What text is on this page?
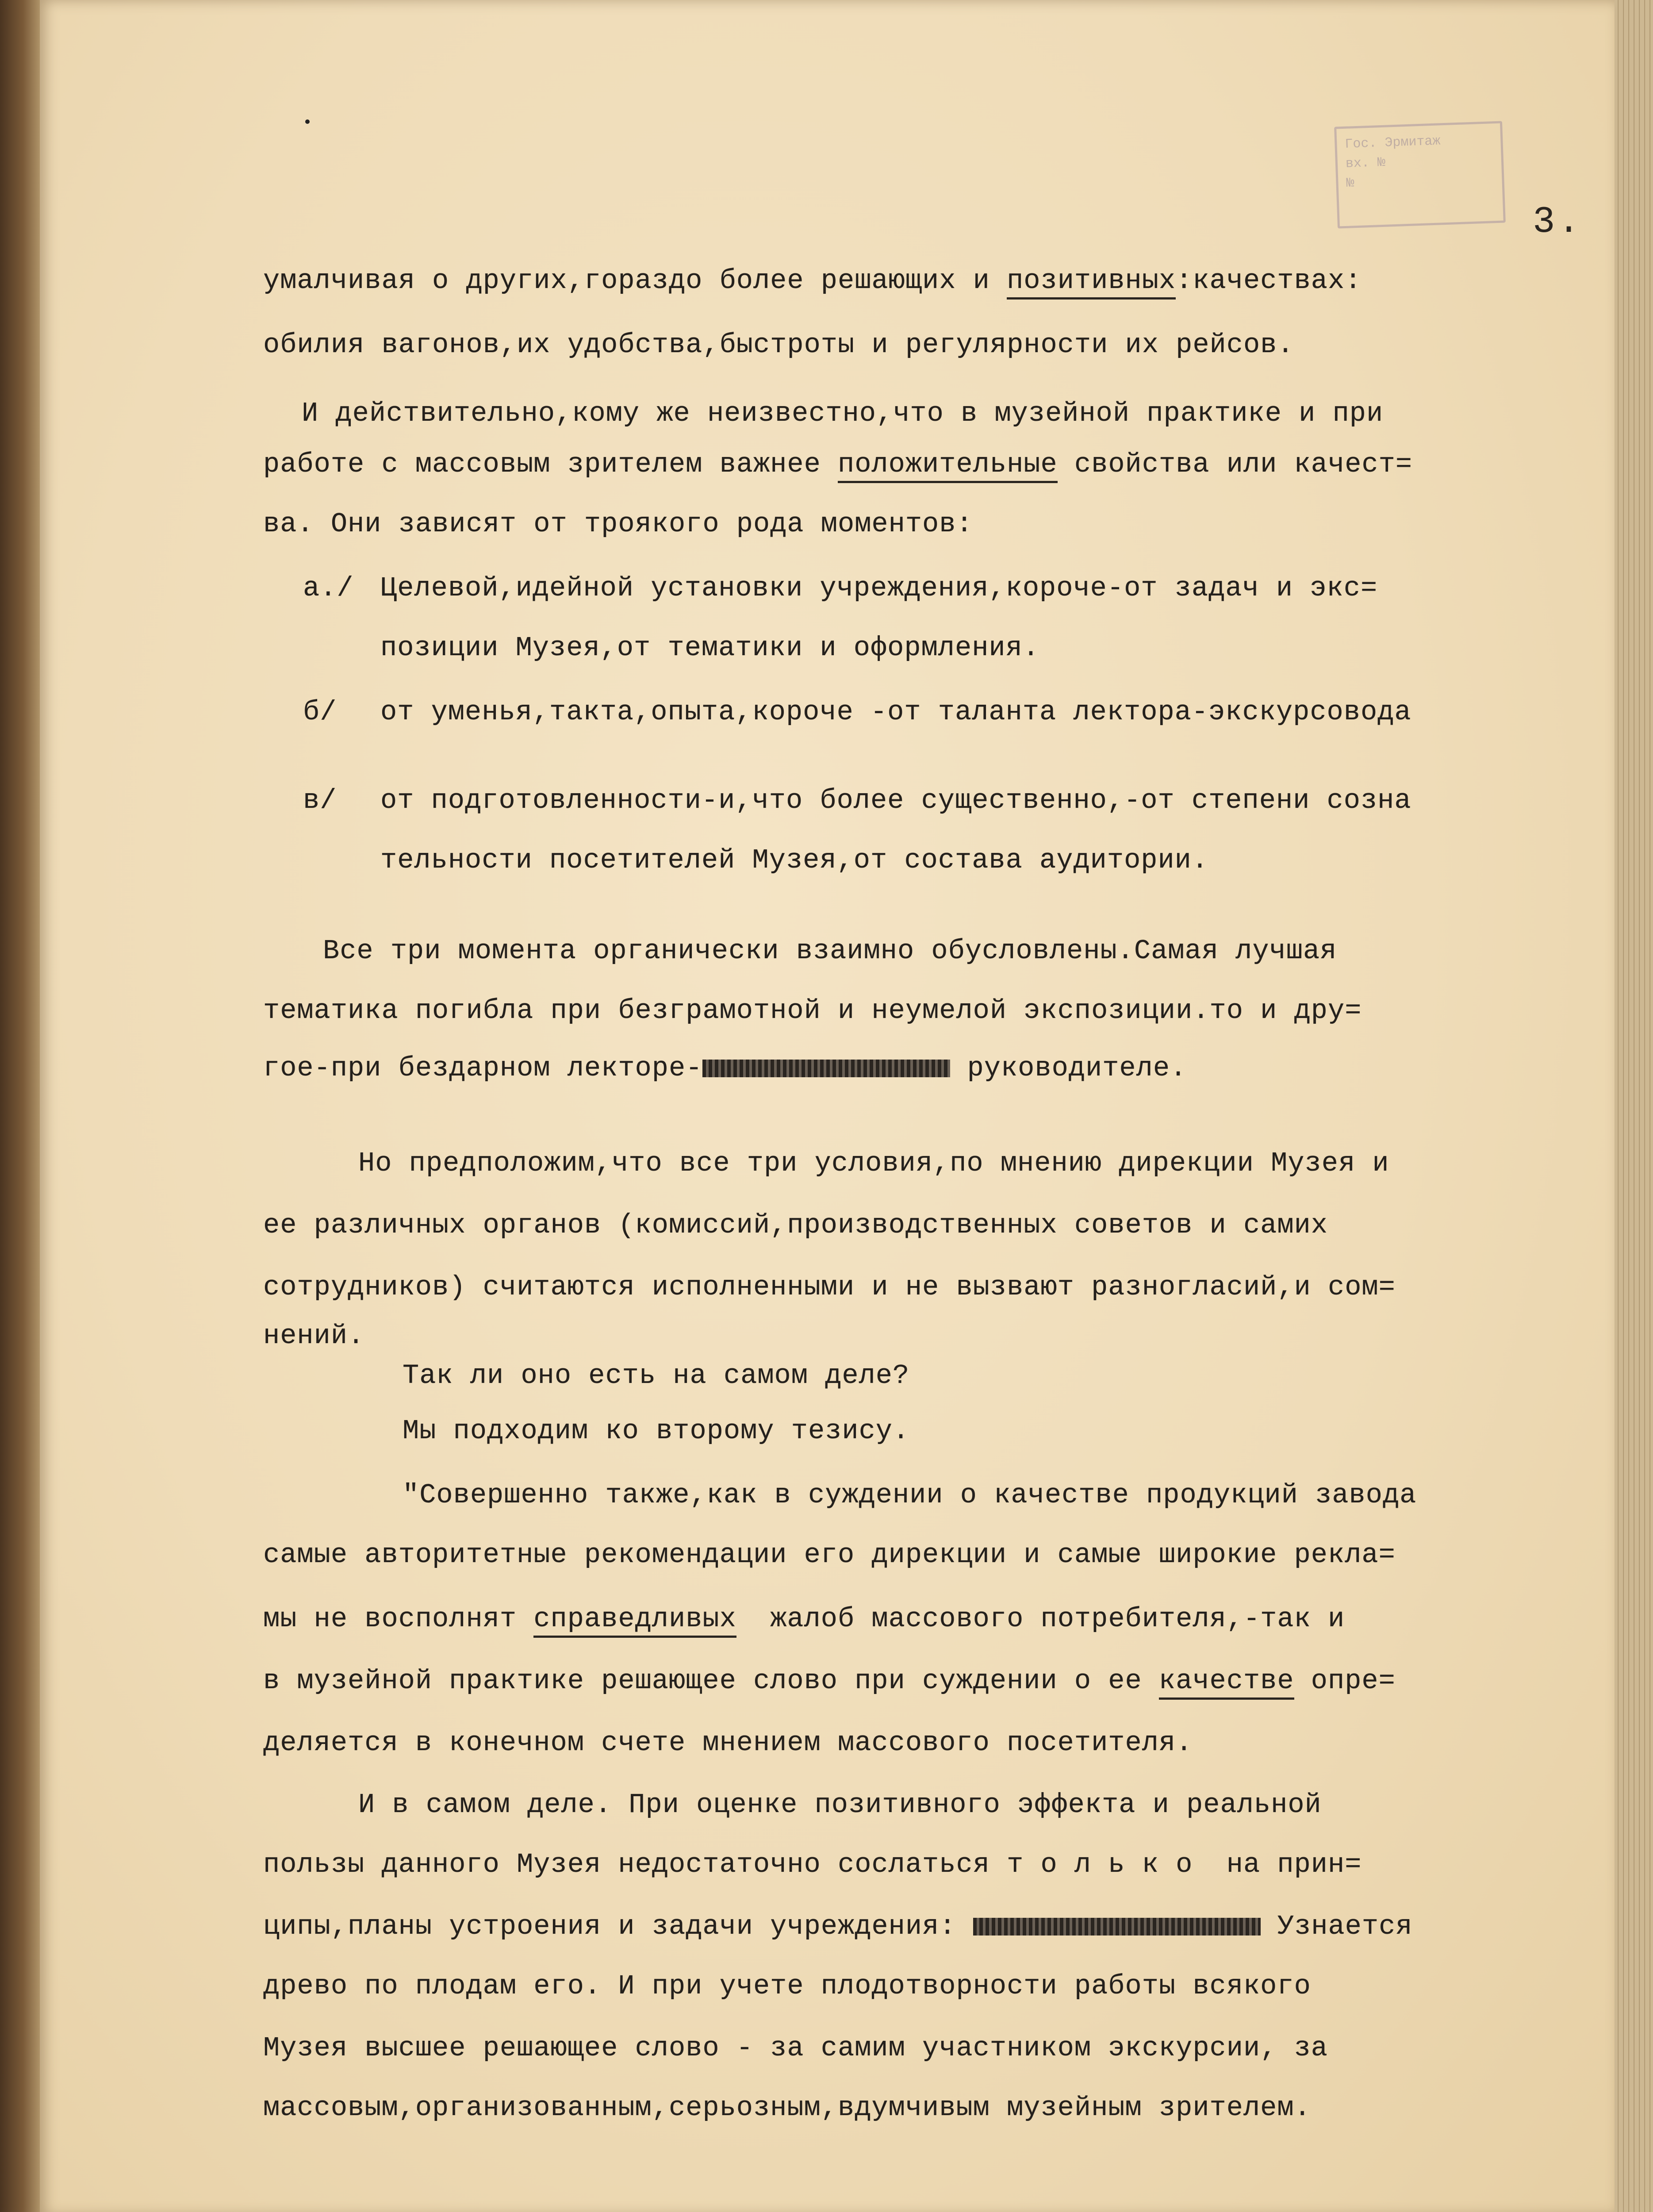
Гос. Эрмитаж
вх. №
№
3.
умалчивая о других,гораздо более решающих и позитивных:качествах:
обилия вагонов,их удобства,быстроты и регулярности их рейсов.
И действительно,кому же неизвестно,что в музейной практике и при
работе с массовым зрителем важнее положительные свойства или качест=
ва. Они зависят от троякого рода моментов:
а./ Целевой,идейной установки учреждения,короче-от задач и экс=
позиции Музея,от тематики и оформления.
б/ от уменья,такта,опыта,короче -от таланта лектора-экскурсовода
в/ от подготовленности-и,что более существенно,-от степени созна
тельности посетителей Музея,от состава аудитории.
Все три момента органически взаимно обусловлены.Самая лучшая
тематика погибла при безграмотной и неумелой экспозиции.то и дру=
гое-при бездарном лекторе-	руководителе.
Но предположим,что все три условия,по мнению дирекции Музея и
ее различных органов (комиссий,производственных советов и самих
сотрудников) считаются исполненными и не вызвают разногласий,и сом=
нений.
Так ли оно есть на самом деле?
Мы подходим ко второму тезису.
"Совершенно также,как в суждении о качестве продукций завода
самые авторитетные рекомендации его дирекции и самые широкие рекла=
мы не восполнят справедливых  жалоб массового потребителя,-так и
в музейной практике решающее слово при суждении о ее качестве опре=
деляется в конечном счете мнением массового посетителя.
И в самом деле. При оценке позитивного эффекта и реальной
пользы данного Музея недостаточно сослаться т о л ь к о  на прин=
ципы,планы устроения и задачи учреждения:	Узнается
древо по плодам его. И при учете плодотворности работы всякого
Музея высшее решающее слово - за самим участником экскурсии, за
массовым,организованным,серьозным,вдумчивым музейным зрителем.
